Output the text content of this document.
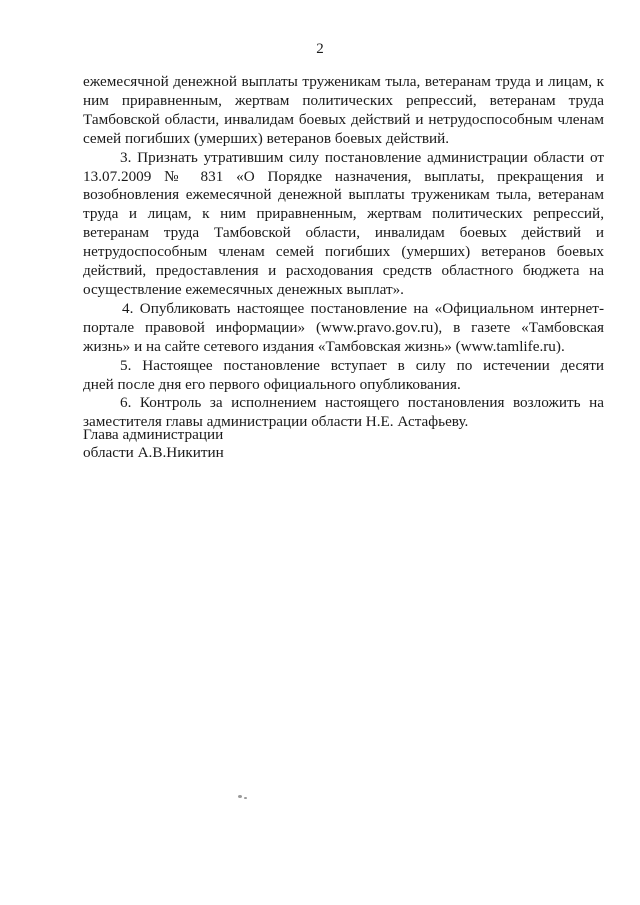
2
ежемесячной денежной выплаты труженикам тыла, ветеранам труда и лицам, к
ним приравненным, жертвам политических репрессий, ветеранам труда
Тамбовской области, инвалидам боевых действий и нетрудоспособным членам
семей погибших (умерших) ветеранов боевых действий.
3. Признать утратившим силу постановление администрации области от
13.07.2009 № 831 «О Порядке назначения, выплаты, прекращения и
возобновления ежемесячной денежной выплаты труженикам тыла, ветеранам
труда и лицам, к ним приравненным, жертвам политических репрессий,
ветеранам труда Тамбовской области, инвалидам боевых действий и
нетрудоспособным членам семей погибших (умерших) ветеранов боевых
действий, предоставления и расходования средств областного бюджета на
осуществление ежемесячных денежных выплат».
4. Опубликовать настоящее постановление на «Официальном интернет-
портале правовой информации» (www.pravo.gov.ru), в газете «Тамбовская
жизнь» и на сайте сетевого издания «Тамбовская жизнь» (www.tamlife.ru).
5. Настоящее постановление вступает в силу по истечении десяти
дней после дня его первого официального опубликования.
6. Контроль за исполнением настоящего постановления возложить на
заместителя главы администрации области Н.Е. Астафьеву.
Глава администрации
области А.В.Никитин
